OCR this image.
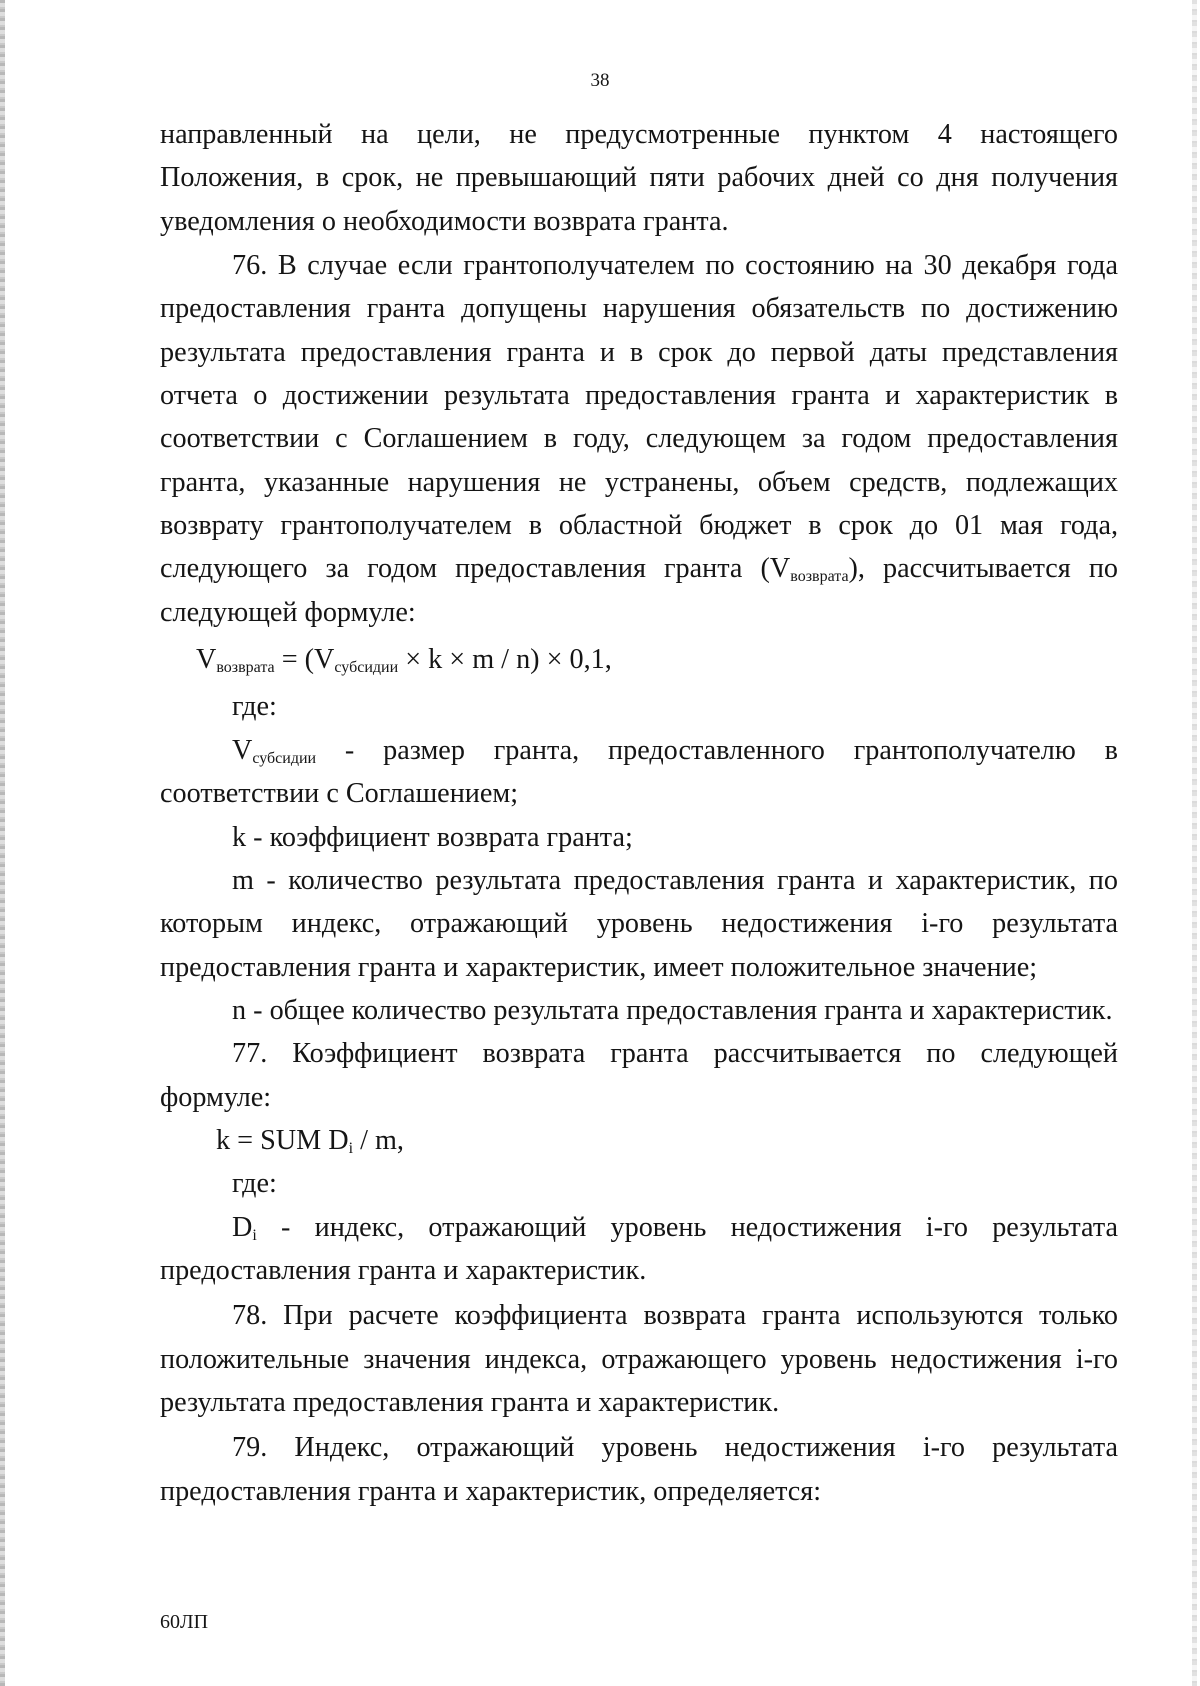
38

направленный на цели, не предусмотренные пунктом 4 настоящего Положения, в срок, не превышающий пяти рабочих дней со дня получения уведомления о необходимости возврата гранта.

76. В случае если грантополучателем по состоянию на 30 декабря года предоставления гранта допущены нарушения обязательств по достижению результата предоставления гранта и в срок до первой даты представления отчета о достижении результата предоставления гранта и характеристик в соответствии с Соглашением в году, следующем за годом предоставления гранта, указанные нарушения не устранены, объем средств, подлежащих возврату грантополучателем в областной бюджет в срок до 01 мая года, следующего за годом предоставления гранта $(V_{возврата})$, рассчитывается по следующей формуле:

$V_{возврата} = (V_{субсидии} \times k \times m / n) \times 0,1$,

где:

$V_{субсидии}$ - размер гранта, предоставленного грантополучателю в соответствии с Соглашением;

k - коэффициент возврата гранта;

m - количество результата предоставления гранта и характеристик, по которым индекс, отражающий уровень недостижения i-го результата предоставления гранта и характеристик, имеет положительное значение;

n - общее количество результата предоставления гранта и характеристик.

77. Коэффициент возврата гранта рассчитывается по следующей формуле:

k = SUM $D_i$ / m,

где:

$D_i$ - индекс, отражающий уровень недостижения i-го результата предоставления гранта и характеристик.

78. При расчете коэффициента возврата гранта используются только положительные значения индекса, отражающего уровень недостижения i-го результата предоставления гранта и характеристик.

79. Индекс, отражающий уровень недостижения i-го результата предоставления гранта и характеристик, определяется:

60ЛП
